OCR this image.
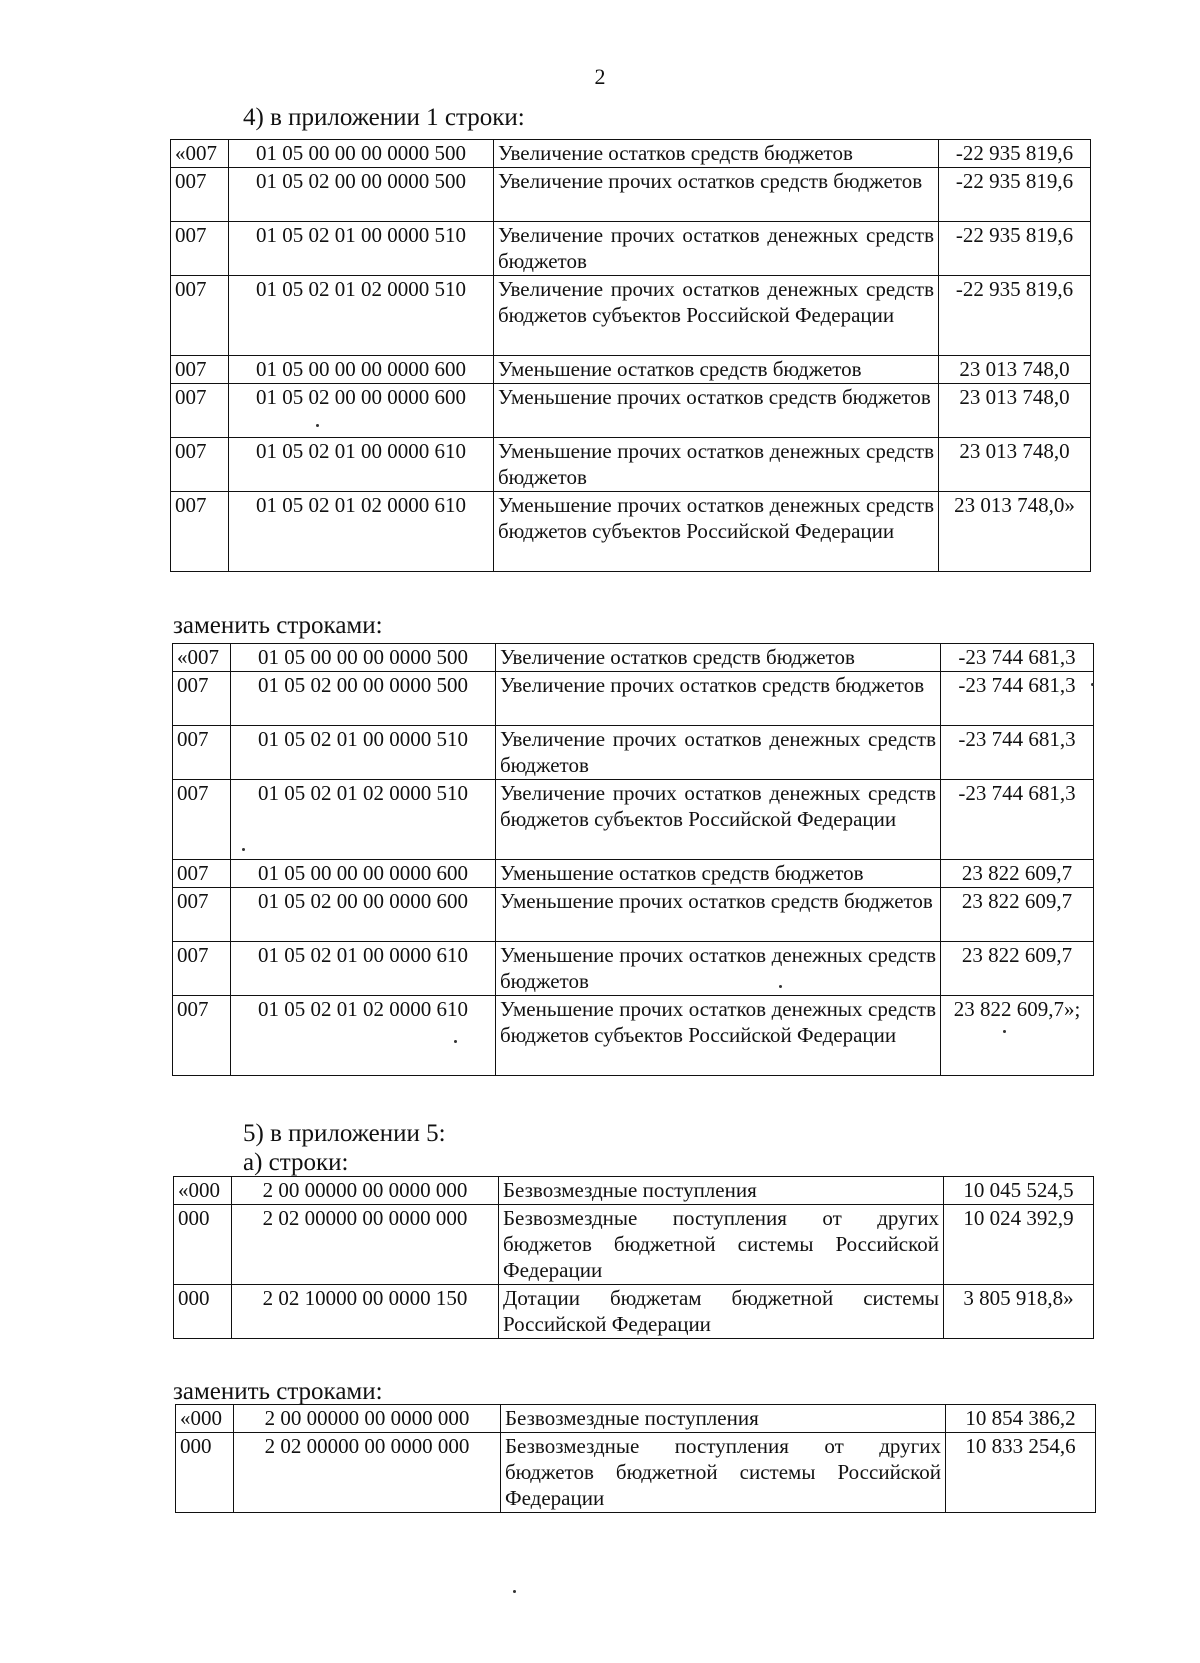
2
4) в приложении 1 строки:
«007	01 05 00 00 00 0000 500	Увеличение остатков средств бюджетов	-22 935 819,6
007	01 05 02 00 00 0000 500	Увеличение прочих остатков средств бюджетов	-22 935 819,6
007	01 05 02 01 00 0000 510	Увеличение прочих остатков денежных средств бюджетов	-22 935 819,6
007	01 05 02 01 02 0000 510	Увеличение прочих остатков денежных средств бюджетов субъектов Российской Федерации	-22 935 819,6
007	01 05 00 00 00 0000 600	Уменьшение остатков средств бюджетов	23 013 748,0
007	01 05 02 00 00 0000 600	Уменьшение прочих остатков средств бюджетов	23 013 748,0
007	01 05 02 01 00 0000 610	Уменьшение прочих остатков денежных средств бюджетов	23 013 748,0
007	01 05 02 01 02 0000 610	Уменьшение прочих остатков денежных средств бюджетов субъектов Российской Федерации	23 013 748,0»
заменить строками:
«007	01 05 00 00 00 0000 500	Увеличение остатков средств бюджетов	-23 744 681,3
007	01 05 02 00 00 0000 500	Увеличение прочих остатков средств бюджетов	-23 744 681,3
007	01 05 02 01 00 0000 510	Увеличение прочих остатков денежных средств бюджетов	-23 744 681,3
007	01 05 02 01 02 0000 510	Увеличение прочих остатков денежных средств бюджетов субъектов Российской Федерации	-23 744 681,3
007	01 05 00 00 00 0000 600	Уменьшение остатков средств бюджетов	23 822 609,7
007	01 05 02 00 00 0000 600	Уменьшение прочих остатков средств бюджетов	23 822 609,7
007	01 05 02 01 00 0000 610	Уменьшение прочих остатков денежных средств бюджетов	23 822 609,7
007	01 05 02 01 02 0000 610	Уменьшение прочих остатков денежных средств бюджетов субъектов Российской Федерации	23 822 609,7»;
5) в приложении 5:
а) строки:
«000	2 00 00000 00 0000 000	Безвозмездные поступления	10 045 524,5
000	2 02 00000 00 0000 000	Безвозмездные поступления от других бюджетов бюджетной системы Российской Федерации	10 024 392,9
000	2 02 10000 00 0000 150	Дотации бюджетам бюджетной системы Российской Федерации	3 805 918,8»
заменить строками:
«000	2 00 00000 00 0000 000	Безвозмездные поступления	10 854 386,2
000	2 02 00000 00 0000 000	Безвозмездные поступления от других бюджетов бюджетной системы Российской Федерации	10 833 254,6
